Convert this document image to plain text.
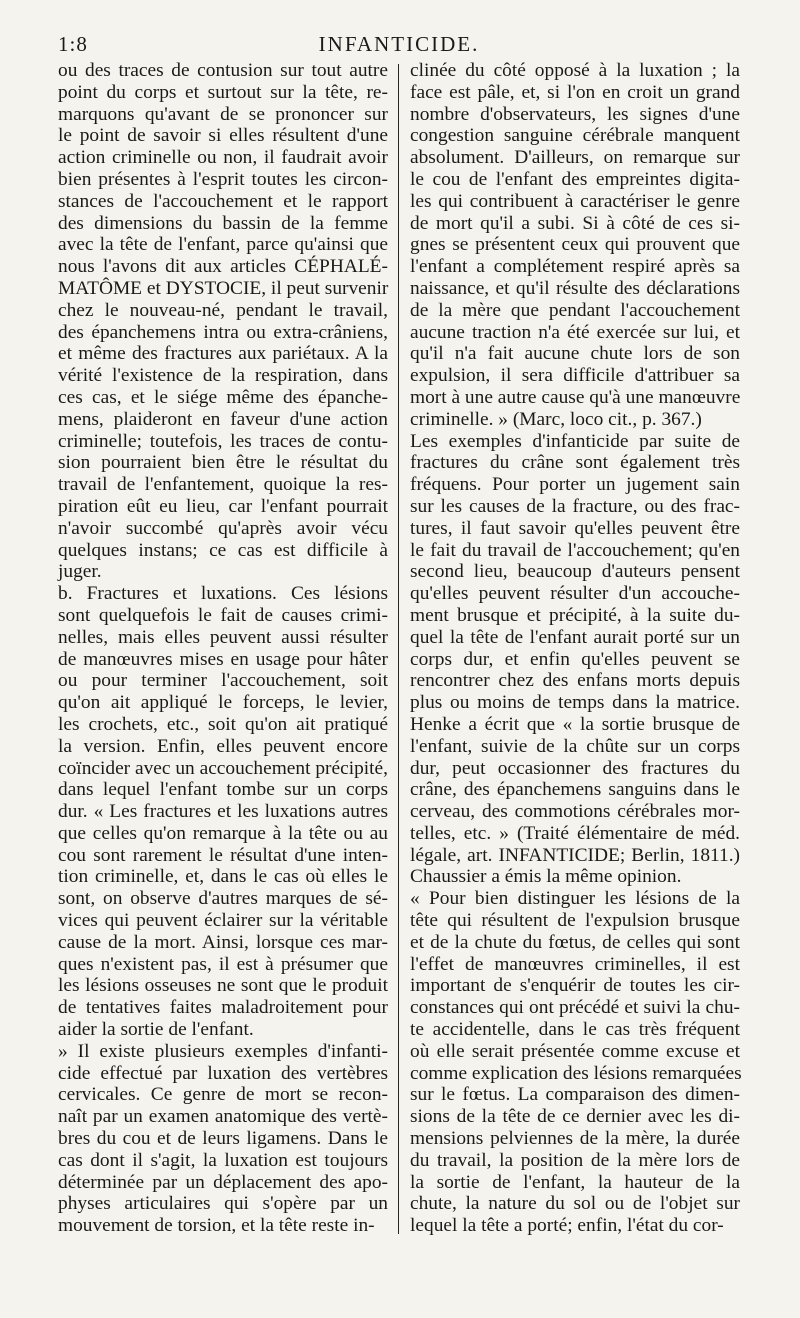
1:8	INFANTICIDE.
ou des traces de contusion sur tout autre
point du corps et surtout sur la tête, re-
marquons qu'avant de se prononcer sur
le point de savoir si elles résultent d'une
action criminelle ou non, il faudrait avoir
bien présentes à l'esprit toutes les circon-
stances de l'accouchement et le rapport
des dimensions du bassin de la femme
avec la tête de l'enfant, parce qu'ainsi que
nous l'avons dit aux articles CÉPHALÉ-
MATÔME et DYSTOCIE, il peut survenir
chez le nouveau-né, pendant le travail,
des épanchemens intra ou extra-crâniens,
et même des fractures aux pariétaux. A la
vérité l'existence de la respiration, dans
ces cas, et le siége même des épanche-
mens, plaideront en faveur d'une action
criminelle; toutefois, les traces de contu-
sion pourraient bien être le résultat du
travail de l'enfantement, quoique la res-
piration eût eu lieu, car l'enfant pourrait
n'avoir succombé qu'après avoir vécu
quelques instans; ce cas est difficile à
juger.
b. Fractures et luxations. Ces lésions
sont quelquefois le fait de causes crimi-
nelles, mais elles peuvent aussi résulter
de manœuvres mises en usage pour hâter
ou pour terminer l'accouchement, soit
qu'on ait appliqué le forceps, le levier,
les crochets, etc., soit qu'on ait pratiqué
la version. Enfin, elles peuvent encore
coïncider avec un accouchement précipité,
dans lequel l'enfant tombe sur un corps
dur. « Les fractures et les luxations autres
que celles qu'on remarque à la tête ou au
cou sont rarement le résultat d'une inten-
tion criminelle, et, dans le cas où elles le
sont, on observe d'autres marques de sé-
vices qui peuvent éclairer sur la véritable
cause de la mort. Ainsi, lorsque ces mar-
ques n'existent pas, il est à présumer que
les lésions osseuses ne sont que le produit
de tentatives faites maladroitement pour
aider la sortie de l'enfant.
» Il existe plusieurs exemples d'infanti-
cide effectué par luxation des vertèbres
cervicales. Ce genre de mort se recon-
naît par un examen anatomique des vertè-
bres du cou et de leurs ligamens. Dans le
cas dont il s'agit, la luxation est toujours
déterminée par un déplacement des apo-
physes articulaires qui s'opère par un
mouvement de torsion, et la tête reste in-
clinée du côté opposé à la luxation ; la
face est pâle, et, si l'on en croit un grand
nombre d'observateurs, les signes d'une
congestion sanguine cérébrale manquent
absolument. D'ailleurs, on remarque sur
le cou de l'enfant des empreintes digita-
les qui contribuent à caractériser le genre
de mort qu'il a subi. Si à côté de ces si-
gnes se présentent ceux qui prouvent que
l'enfant a complétement respiré après sa
naissance, et qu'il résulte des déclarations
de la mère que pendant l'accouchement
aucune traction n'a été exercée sur lui, et
qu'il n'a fait aucune chute lors de son
expulsion, il sera difficile d'attribuer sa
mort à une autre cause qu'à une manœuvre
criminelle. » (Marc, loco cit., p. 367.)
Les exemples d'infanticide par suite de
fractures du crâne sont également très
fréquens. Pour porter un jugement sain
sur les causes de la fracture, ou des frac-
tures, il faut savoir qu'elles peuvent être
le fait du travail de l'accouchement; qu'en
second lieu, beaucoup d'auteurs pensent
qu'elles peuvent résulter d'un accouche-
ment brusque et précipité, à la suite du-
quel la tête de l'enfant aurait porté sur un
corps dur, et enfin qu'elles peuvent se
rencontrer chez des enfans morts depuis
plus ou moins de temps dans la matrice.
Henke a écrit que « la sortie brusque de
l'enfant, suivie de la chûte sur un corps
dur, peut occasionner des fractures du
crâne, des épanchemens sanguins dans le
cerveau, des commotions cérébrales mor-
telles, etc. » (Traité élémentaire de méd.
légale, art. INFANTICIDE; Berlin, 1811.)
Chaussier a émis la même opinion.
« Pour bien distinguer les lésions de la
tête qui résultent de l'expulsion brusque
et de la chute du fœtus, de celles qui sont
l'effet de manœuvres criminelles, il est
important de s'enquérir de toutes les cir-
constances qui ont précédé et suivi la chu-
te accidentelle, dans le cas très fréquent
où elle serait présentée comme excuse et
comme explication des lésions remarquées
sur le fœtus. La comparaison des dimen-
sions de la tête de ce dernier avec les di-
mensions pelviennes de la mère, la durée
du travail, la position de la mère lors de
la sortie de l'enfant, la hauteur de la
chute, la nature du sol ou de l'objet sur
lequel la tête a porté; enfin, l'état du cor-
